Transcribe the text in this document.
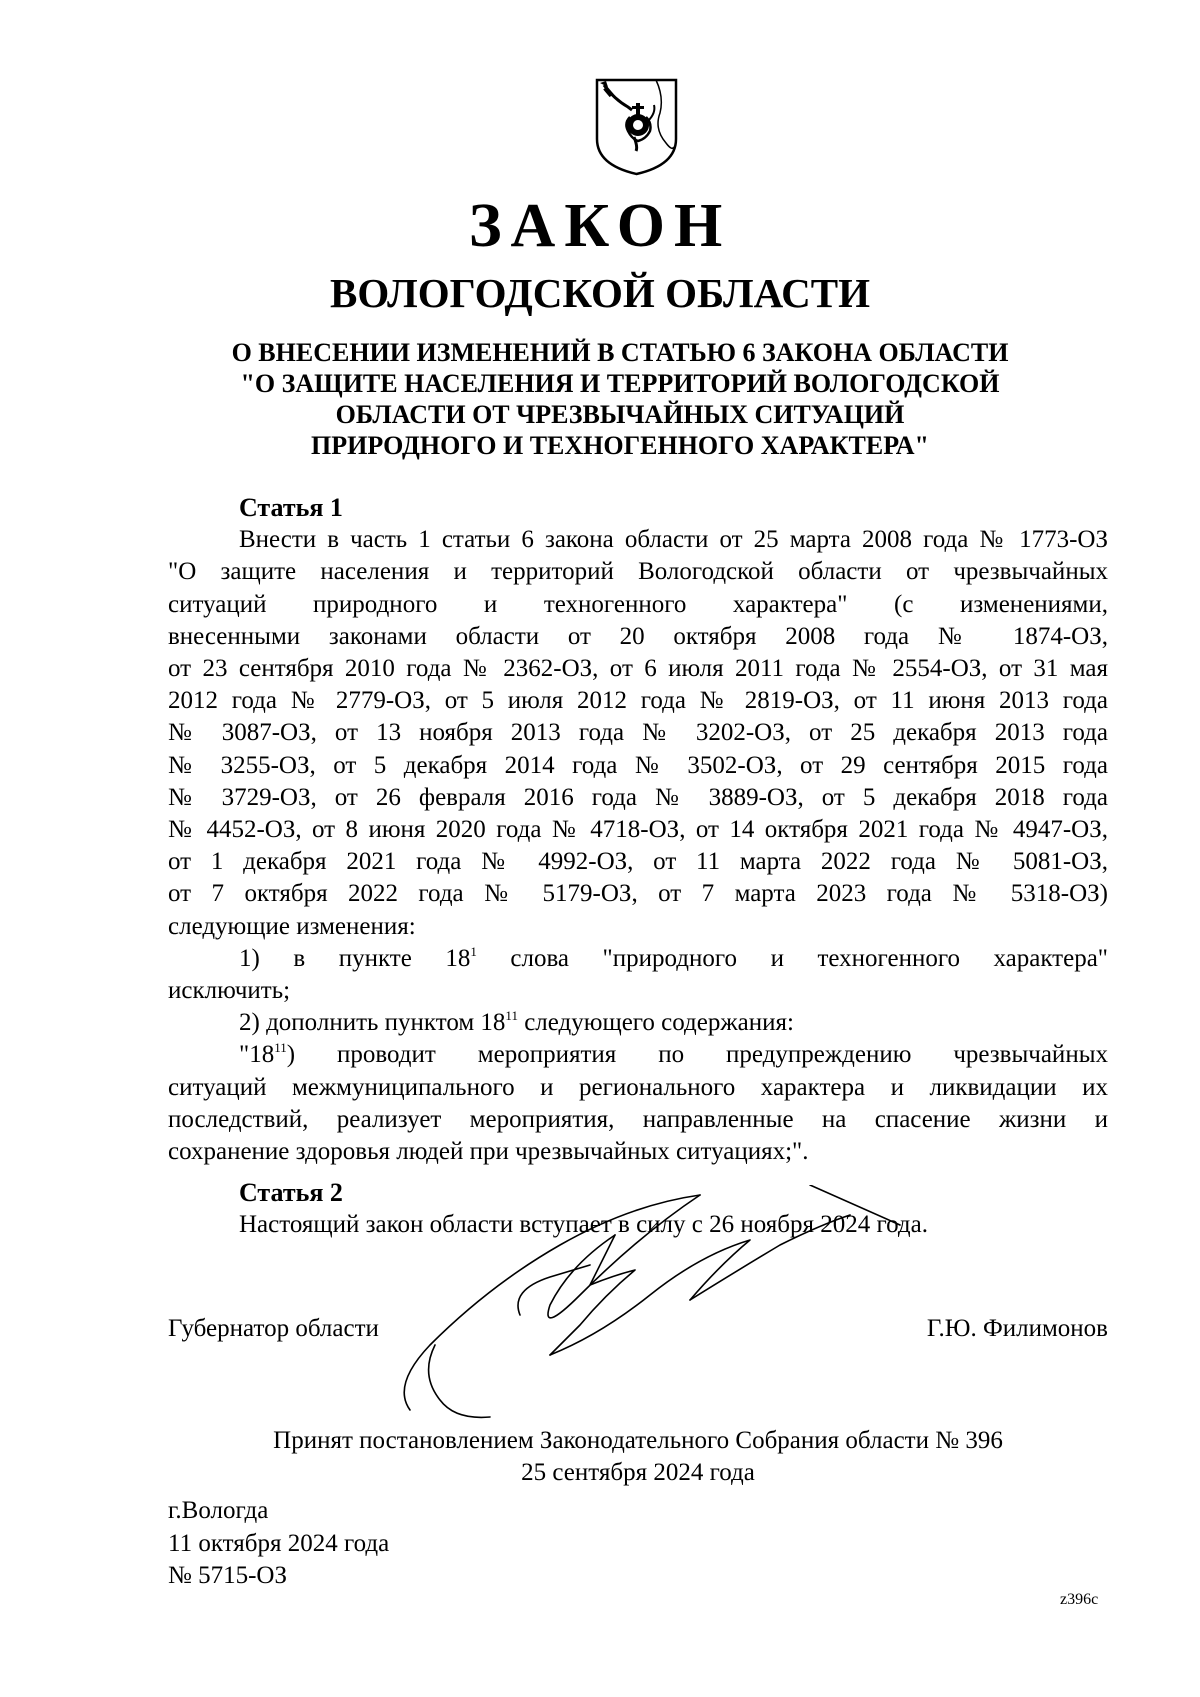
ЗАКОН
ВОЛОГОДСКОЙ ОБЛАСТИ
О ВНЕСЕНИИ ИЗМЕНЕНИЙ В СТАТЬЮ 6 ЗАКОНА ОБЛАСТИ
"О ЗАЩИТЕ НАСЕЛЕНИЯ И ТЕРРИТОРИЙ ВОЛОГОДСКОЙ
ОБЛАСТИ ОТ ЧРЕЗВЫЧАЙНЫХ СИТУАЦИЙ
ПРИРОДНОГО И ТЕХНОГЕННОГО ХАРАКТЕРА"
Статья 1
Внести в часть 1 статьи 6 закона области от 25 марта 2008 года № 1773-ОЗ
"О защите населения и территорий Вологодской области от чрезвычайных
ситуаций природного и техногенного характера" (с изменениями,
внесенными законами области от 20 октября 2008 года № 1874-ОЗ,
от 23 сентября 2010 года № 2362-ОЗ, от 6 июля 2011 года № 2554-ОЗ, от 31 мая
2012 года № 2779-ОЗ, от 5 июля 2012 года № 2819-ОЗ, от 11 июня 2013 года
№ 3087-ОЗ, от 13 ноября 2013 года № 3202-ОЗ, от 25 декабря 2013 года
№ 3255-ОЗ, от 5 декабря 2014 года № 3502-ОЗ, от 29 сентября 2015 года
№ 3729-ОЗ, от 26 февраля 2016 года № 3889-ОЗ, от 5 декабря 2018 года
№ 4452-ОЗ, от 8 июня 2020 года № 4718-ОЗ, от 14 октября 2021 года № 4947-ОЗ,
от 1 декабря 2021 года № 4992-ОЗ, от 11 марта 2022 года № 5081-ОЗ,
от 7 октября 2022 года № 5179-ОЗ, от 7 марта 2023 года № 5318-ОЗ)
следующие изменения:
1) в пункте $18^1$ слова "природного и техногенного характера"
исключить;
2) дополнить пунктом $18^{11}$ следующего содержания:
"$18^{11}$) проводит мероприятия по предупреждению чрезвычайных
ситуаций межмуниципального и регионального характера и ликвидации их
последствий, реализует мероприятия, направленные на спасение жизни и
сохранение здоровья людей при чрезвычайных ситуациях;".
Статья 2
Настоящий закон области вступает в силу с 26 ноября 2024 года.
Губернатор области	Г.Ю. Филимонов
Принят постановлением Законодательного Собрания области № 396
25 сентября 2024 года
г.Вологда
11 октября 2024 года
№ 5715-ОЗ
z396c
